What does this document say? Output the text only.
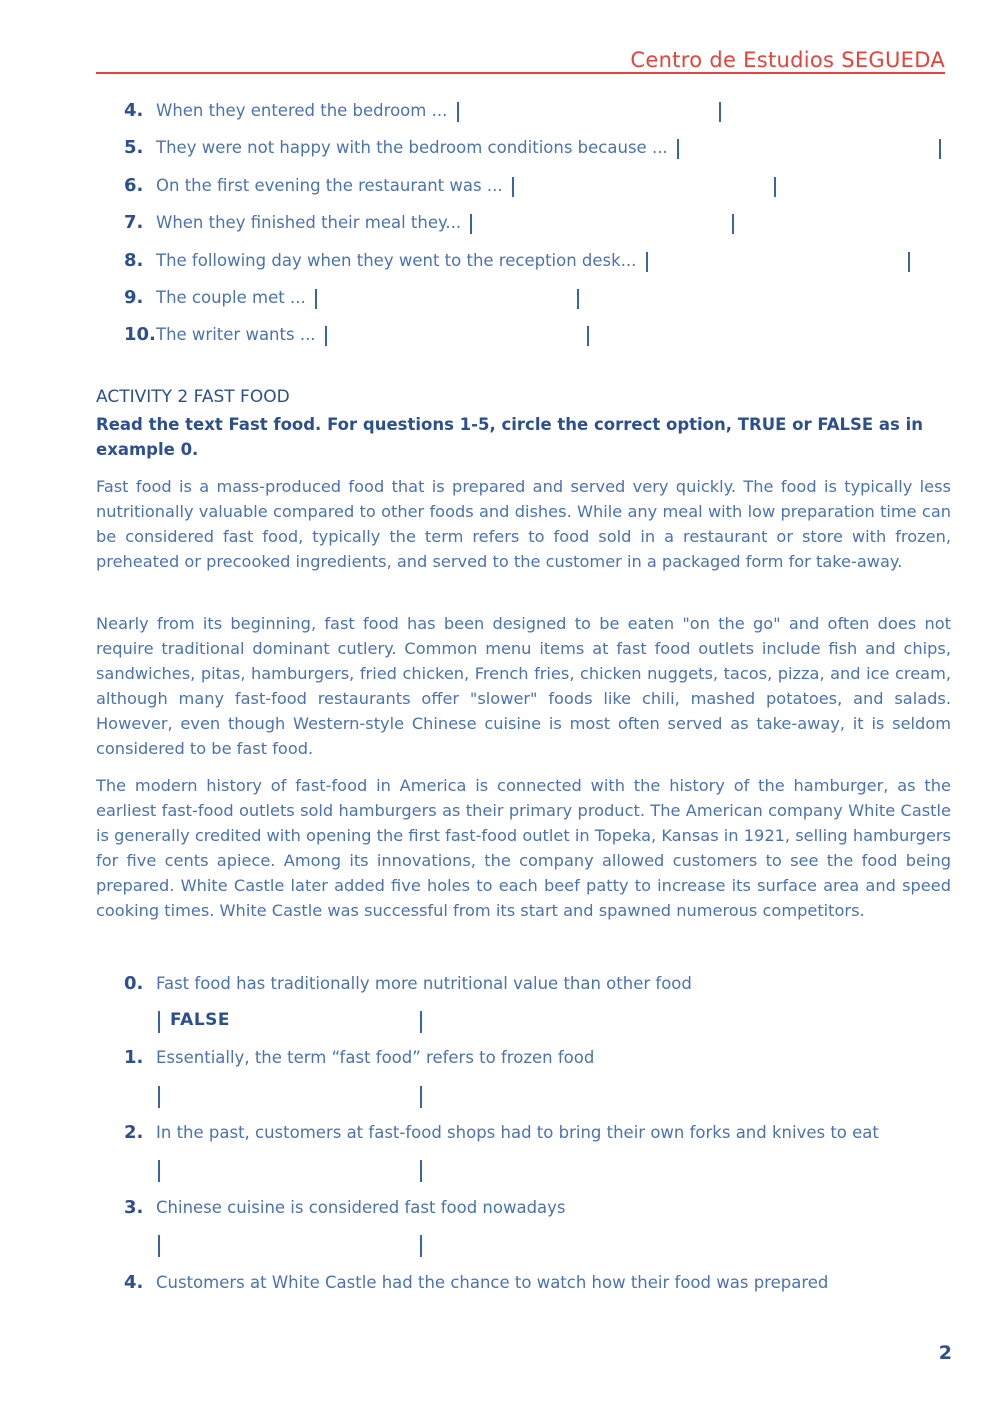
Centro de Estudios SEGUEDA
4. When they entered the bedroom ...
5. They were not happy with the bedroom conditions because ...
6. On the first evening the restaurant was ...
7. When they finished their meal they...
8. The following day when they went to the reception desk...
9. The couple met ...
10.The writer wants ...
ACTIVITY 2 FAST FOOD
Read the text Fast food. For questions 1-5, circle the correct option, TRUE or FALSE as in example 0.

Fast food is a mass-produced food that is prepared and served very quickly. The food is typically less nutritionally valuable compared to other foods and dishes. While any meal with low preparation time can be considered fast food, typically the term refers to food sold in a restaurant or store with frozen, preheated or precooked ingredients, and served to the customer in a packaged form for take-away.

Nearly from its beginning, fast food has been designed to be eaten "on the go" and often does not require traditional dominant cutlery. Common menu items at fast food outlets include fish and chips, sandwiches, pitas, hamburgers, fried chicken, French fries, chicken nuggets, tacos, pizza, and ice cream, although many fast-food restaurants offer "slower" foods like chili, mashed potatoes, and salads. However, even though Western-style Chinese cuisine is most often served as take-away, it is seldom considered to be fast food.

The modern history of fast-food in America is connected with the history of the hamburger, as the earliest fast-food outlets sold hamburgers as their primary product. The American company White Castle is generally credited with opening the first fast-food outlet in Topeka, Kansas in 1921, selling hamburgers for five cents apiece. Among its innovations, the company allowed customers to see the food being prepared. White Castle later added five holes to each beef patty to increase its surface area and speed cooking times. White Castle was successful from its start and spawned numerous competitors.

0. Fast food has traditionally more nutritional value than other food
FALSE
1. Essentially, the term “fast food” refers to frozen food
2. In the past, customers at fast-food shops had to bring their own forks and knives to eat
3. Chinese cuisine is considered fast food nowadays
4. Customers at White Castle had the chance to watch how their food was prepared
2
